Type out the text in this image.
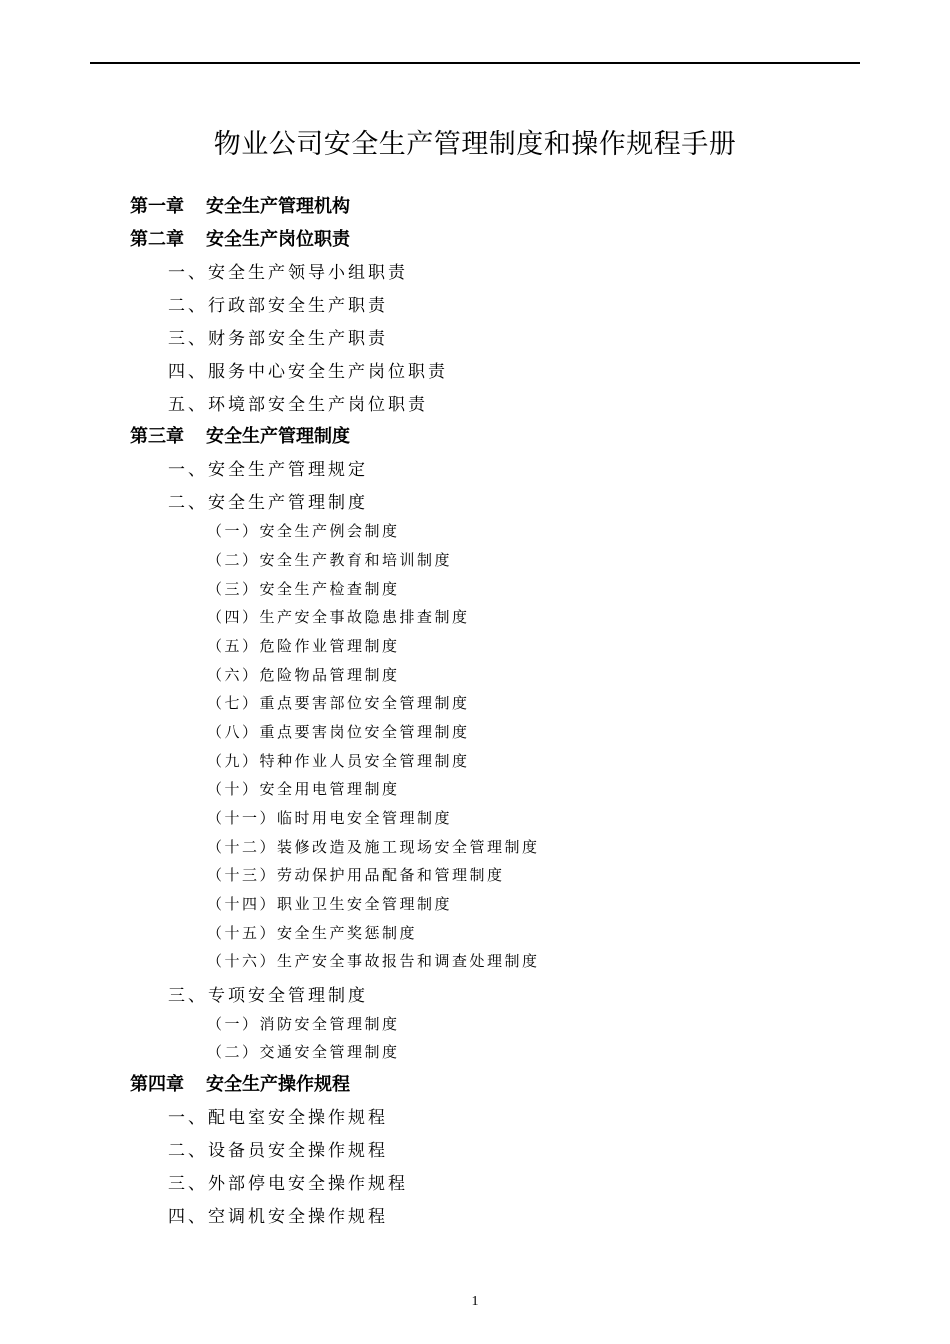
物业公司安全生产管理制度和操作规程手册
第一章 安全生产管理机构
第二章 安全生产岗位职责
一、安全生产领导小组职责
二、行政部安全生产职责
三、财务部安全生产职责
四、服务中心安全生产岗位职责
五、环境部安全生产岗位职责
第三章 安全生产管理制度
一、安全生产管理规定
二、安全生产管理制度
（一）安全生产例会制度
（二）安全生产教育和培训制度
（三）安全生产检查制度
（四）生产安全事故隐患排查制度
（五）危险作业管理制度
（六）危险物品管理制度
（七）重点要害部位安全管理制度
（八）重点要害岗位安全管理制度
（九）特种作业人员安全管理制度
（十）安全用电管理制度
（十一）临时用电安全管理制度
（十二）装修改造及施工现场安全管理制度
（十三）劳动保护用品配备和管理制度
（十四）职业卫生安全管理制度
（十五）安全生产奖惩制度
（十六）生产安全事故报告和调查处理制度
三、专项安全管理制度
（一）消防安全管理制度
（二）交通安全管理制度
第四章 安全生产操作规程
一、配电室安全操作规程
二、设备员安全操作规程
三、外部停电安全操作规程
四、空调机安全操作规程
1
